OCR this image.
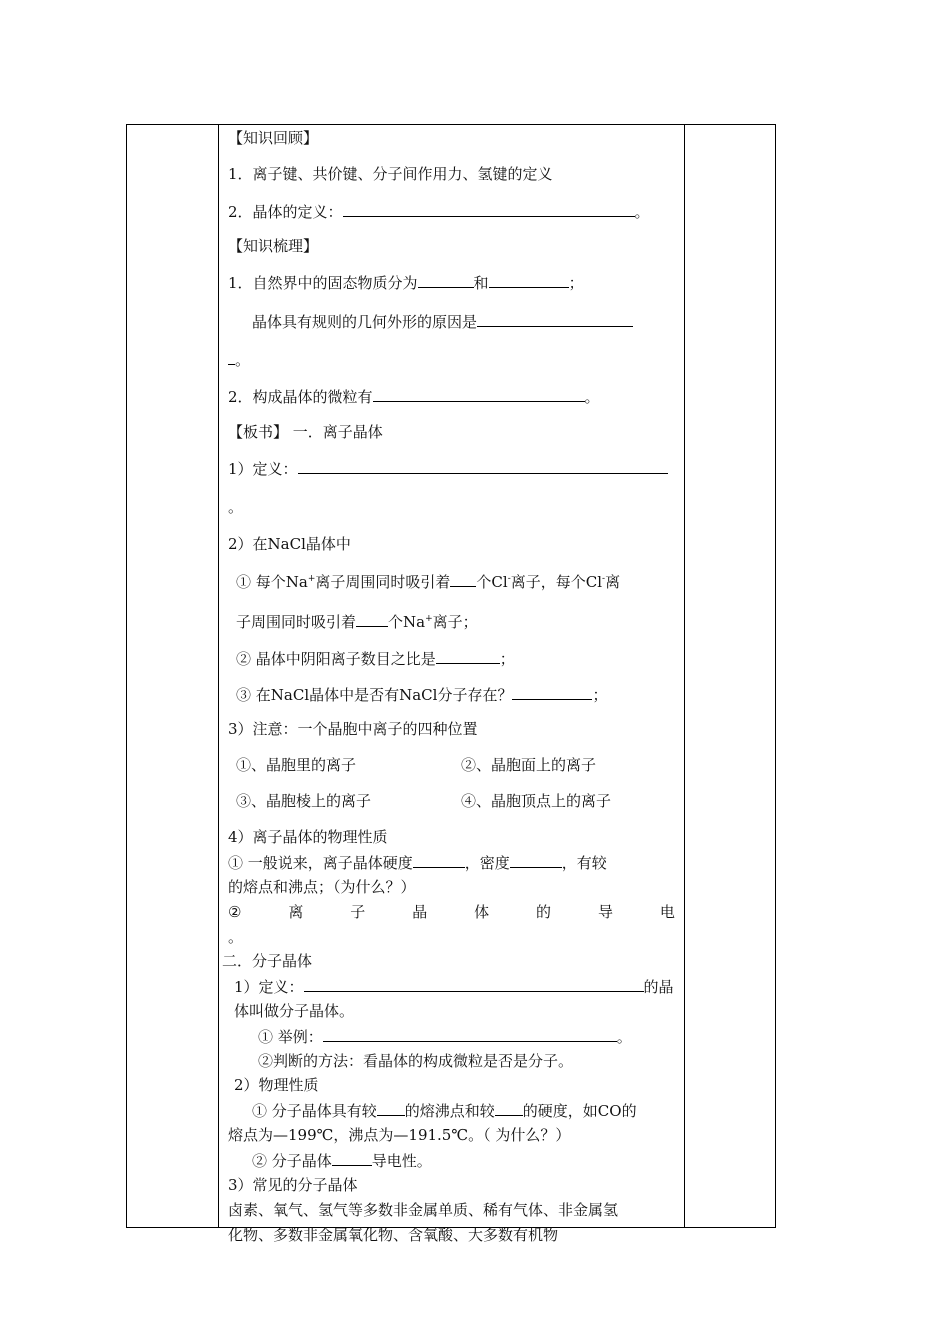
【知识回顾】
1．离子键、共价键、分子间作用力、氢键的定义
2．晶体的定义：	。
【知识梳理】
1．自然界中的固态物质分为	和	；
晶体具有规则的几何外形的原因是
。
2．构成晶体的微粒有	。
【板书】 一．离子晶体
1）定义：
。
2）在NaCl晶体中
① 每个Na+离子周围同时吸引着 个Cl-离子，每个Cl-离
子周围同时吸引着 个Na+离子；
② 晶体中阴阳离子数目之比是	；
③ 在NaCl晶体中是否有NaCl分子存在？	；
3）注意：一个晶胞中离子的四种位置
①、晶胞里的离子	②、晶胞面上的离子
③、晶胞棱上的离子	④、晶胞顶点上的离子
4）离子晶体的物理性质
① 一般说来，离子晶体硬度	，密度	，有较
的熔点和沸点；（为什么？）
②	离	子	晶	体	的	导	电
。
二．分子晶体
1）定义：	的晶
体叫做分子晶体。
① 举例：	。
②判断的方法：看晶体的构成微粒是否是分子。
2）物理性质
① 分子晶体具有较 的熔沸点和较 的硬度，如CO的
熔点为—199℃，沸点为—191.5℃。（ 为什么？）
② 分子晶体	导电性。
3）常见的分子晶体
卤素、氧气、氢气等多数非金属单质、稀有气体、非金属氢
化物、多数非金属氧化物、含氧酸、大多数有机物
